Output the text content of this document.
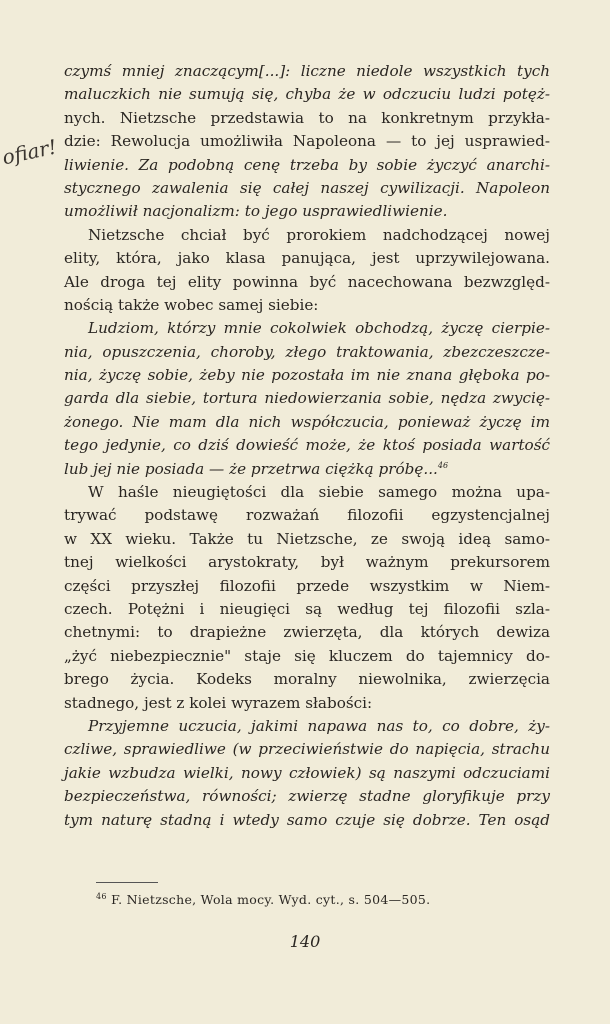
ofiar!
czymś mniej znaczącym[...]: liczne niedole wszystkich tych
maluczkich nie sumują się, chyba że w odczuciu ludzi potęż-
nych. Nietzsche przedstawia to na konkretnym przykła-
dzie: Rewolucja umożliwiła Napoleona — to jej usprawied-
liwienie. Za podobną cenę trzeba by sobie życzyć anarchi-
stycznego zawalenia się całej naszej cywilizacji. Napoleon
umożliwił nacjonalizm: to jego usprawiedliwienie.
Nietzsche chciał być prorokiem nadchodzącej nowej
elity, która, jako klasa panująca, jest uprzywilejowana.
Ale droga tej elity powinna być nacechowana bezwzględ-
nością także wobec samej siebie:
Ludziom, którzy mnie cokolwiek obchodzą, życzę cierpie-
nia, opuszczenia, choroby, złego traktowania, zbezczeszcze-
nia, życzę sobie, żeby nie pozostała im nie znana głęboka po-
garda dla siebie, tortura niedowierzania sobie, nędza zwycię-
żonego. Nie mam dla nich współczucia, ponieważ życzę im
tego jedynie, co dziś dowieść może, że ktoś posiada wartość
lub jej nie posiada — że przetrwa ciężką próbę...$^{46}$
W haśle nieugiętości dla siebie samego można upa-
trywać podstawę rozważań filozofii egzystencjalnej
w XX wieku. Także tu Nietzsche, ze swoją ideą samo-
tnej wielkości arystokraty, był ważnym prekursorem
części przyszłej filozofii przede wszystkim w Niem-
czech. Potężni i nieugięci są według tej filozofii szla-
chetnymi: to drapieżne zwierzęta, dla których dewiza
„żyć niebezpiecznie" staje się kluczem do tajemnicy do-
brego życia. Kodeks moralny niewolnika, zwierzęcia
stadnego, jest z kolei wyrazem słabości:
Przyjemne uczucia, jakimi napawa nas to, co dobre, ży-
czliwe, sprawiedliwe (w przeciwieństwie do napięcia, strachu
jakie wzbudza wielki, nowy człowiek) są naszymi odczuciami
bezpieczeństwa, równości; zwierzę stadne gloryfikuje przy
tym naturę stadną i wtedy samo czuje się dobrze. Ten osąd
$^{46}$ F. Nietzsche, Wola mocy. Wyd. cyt., s. 504—505.
140
